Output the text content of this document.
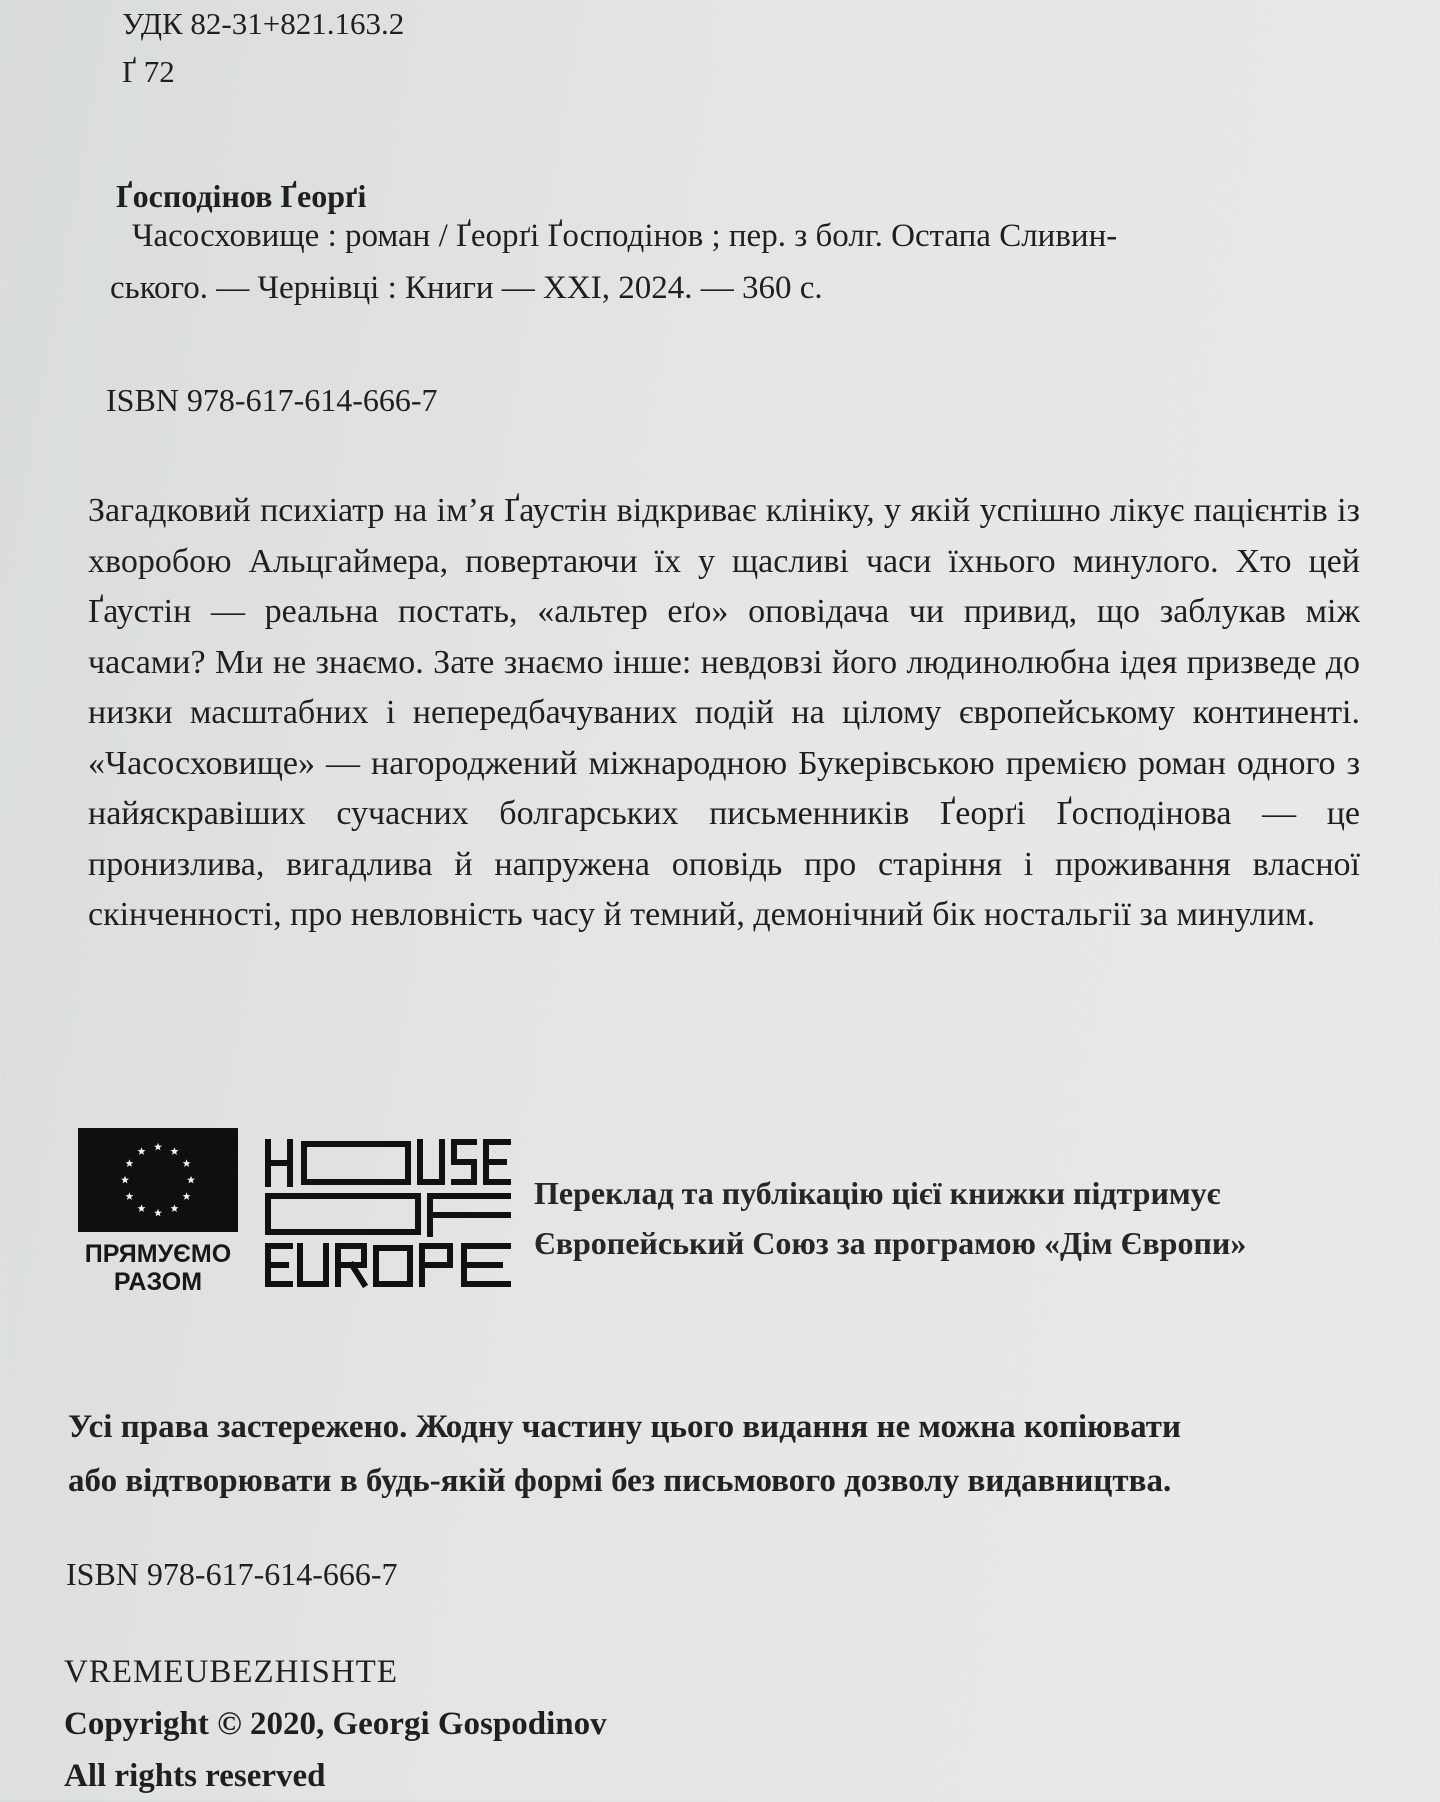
УДК 82-31+821.163.2
Ґ 72
Ґосподінов Ґеорґі
Часосховище : роман / Ґеорґі Ґосподінов ; пер. з болг. Остапа Сливин-
ського. — Чернівці : Книги — XXI, 2024. — 360 с.
ISBN 978-617-614-666-7
Загадковий психіатр на ім’я Ґаустін відкриває клініку, у якій успішно лікує пацієнтів із хворобою Альцгаймера, повертаючи їх у щасливі часи їхнього минулого. Хто цей Ґаустін — реальна постать, «альтер еґо» оповідача чи привид, що заблукав між часами? Ми не знаємо. Зате знаємо інше: невдовзі його людинолюбна ідея призведе до низки масштабних і непередбачуваних подій на цілому європейському континенті. «Часосховище» — нагороджений міжнародною Букерівською премією роман одного з найяскравіших сучасних болгарських письменників Ґеорґі Ґосподінова — це пронизлива, вигадлива й напружена оповідь про старіння і проживання власної скінченності, про невловність часу й темний, демонічний бік ностальгії за минулим.
ПРЯМУЄМО
РАЗОМ
Переклад та публікацію цієї книжки підтримує
Європейський Союз за програмою «Дім Європи»
Усі права застережено. Жодну частину цього видання не можна копіювати
або відтворювати в будь-якій формі без письмового дозволу видавництва.
ISBN 978-617-614-666-7
VREMEUBEZHISHTE
Copyright © 2020, Georgi Gospodinov
All rights reserved
